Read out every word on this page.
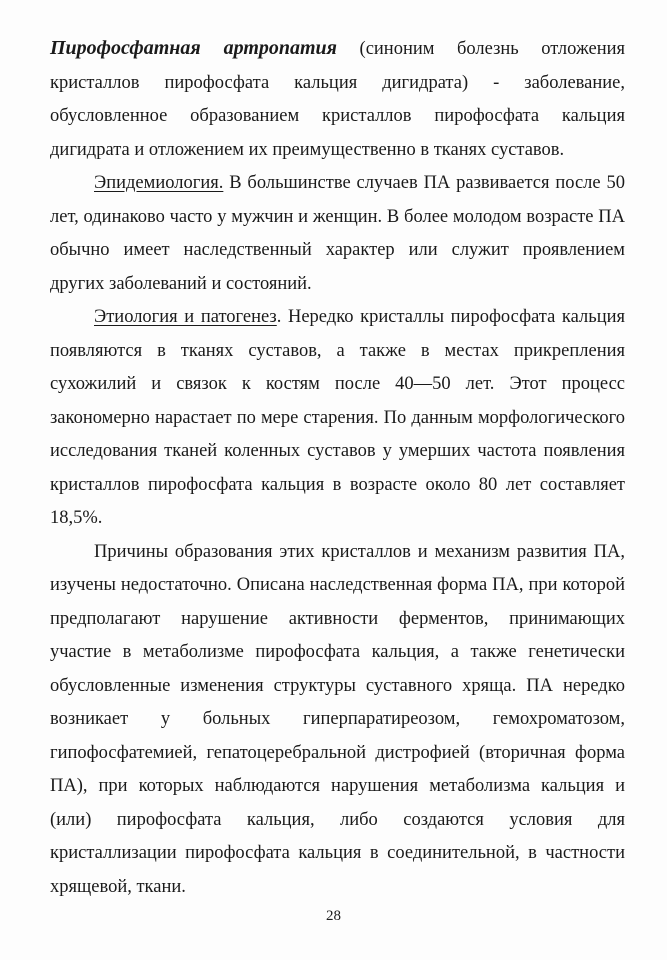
Пирофосфатная артропатия (синоним болезнь отложения кристаллов пирофосфата кальция дигидрата) - заболевание, обусловленное образованием кристаллов пирофосфата кальция дигидрата и отложением их преимущественно в тканях суставов.

Эпидемиология. В большинстве случаев ПА развивается после 50 лет, одинаково часто у мужчин и женщин. В более молодом возрасте ПА обычно имеет наследственный характер или служит проявлением других заболеваний и состояний.

Этиология и патогенез. Нередко кристаллы пирофосфата кальция появляются в тканях суставов, а также в местах прикрепления сухожилий и связок к костям после 40—50 лет. Этот процесс закономерно нарастает по мере старения. По данным морфологического исследования тканей коленных суставов у умерших частота появления кристаллов пирофосфата кальция в возрасте около 80 лет составляет 18,5%.

Причины образования этих кристаллов и механизм развития ПА, изучены недостаточно. Описана наследственная форма ПА, при которой предполагают нарушение активности ферментов, принимающих участие в метаболизме пирофосфата кальция, а также генетически обусловленные изменения структуры суставного хряща. ПА нередко возникает у больных гиперпаратиреозом, гемохроматозом, гипофосфатемией, гепатоцеребральной дистрофией (вторичная форма ПА), при которых наблюдаются нарушения метаболизма кальция и (или) пирофосфата кальция, либо создаются условия для кристаллизации пирофосфата кальция в соединительной, в частности хрящевой, ткани.

28
